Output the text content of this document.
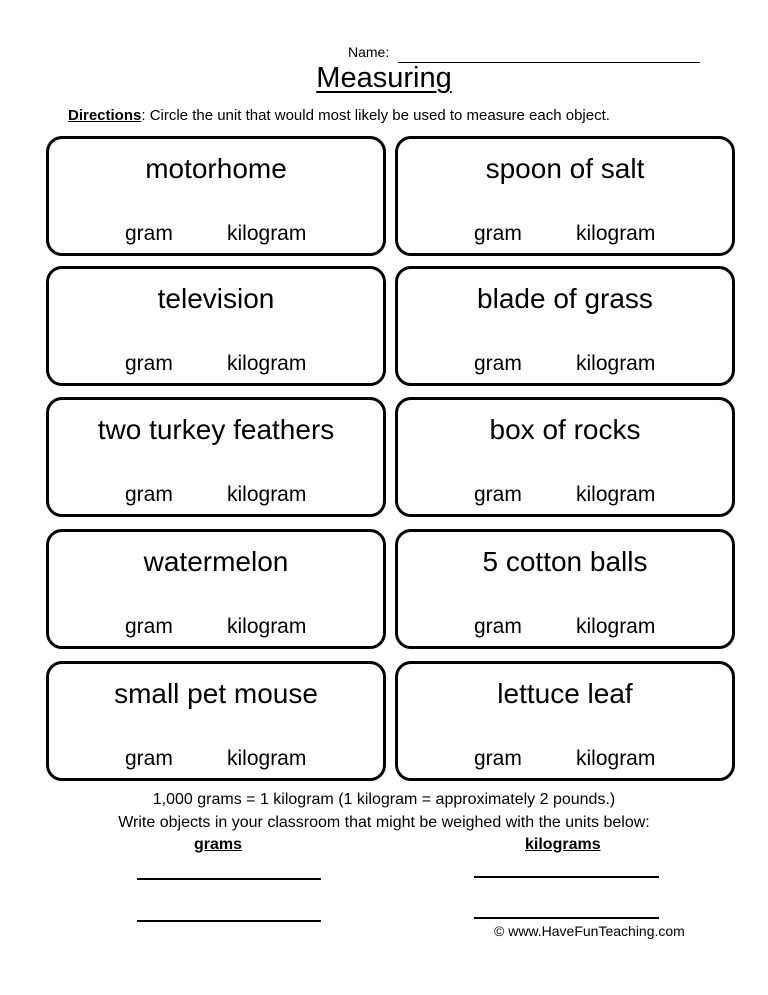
Name:
Measuring
Directions: Circle the unit that would most likely be used to measure each object.
motorhome
gram	kilogram
spoon of salt
gram	kilogram
television
gram	kilogram
blade of grass
gram	kilogram
two turkey feathers
gram	kilogram
box of rocks
gram	kilogram
watermelon
gram	kilogram
5 cotton balls
gram	kilogram
small pet mouse
gram	kilogram
lettuce leaf
gram	kilogram
1,000 grams = 1 kilogram (1 kilogram = approximately 2 pounds.)
Write objects in your classroom that might be weighed with the units below:
grams	kilograms
© www.HaveFunTeaching.com
